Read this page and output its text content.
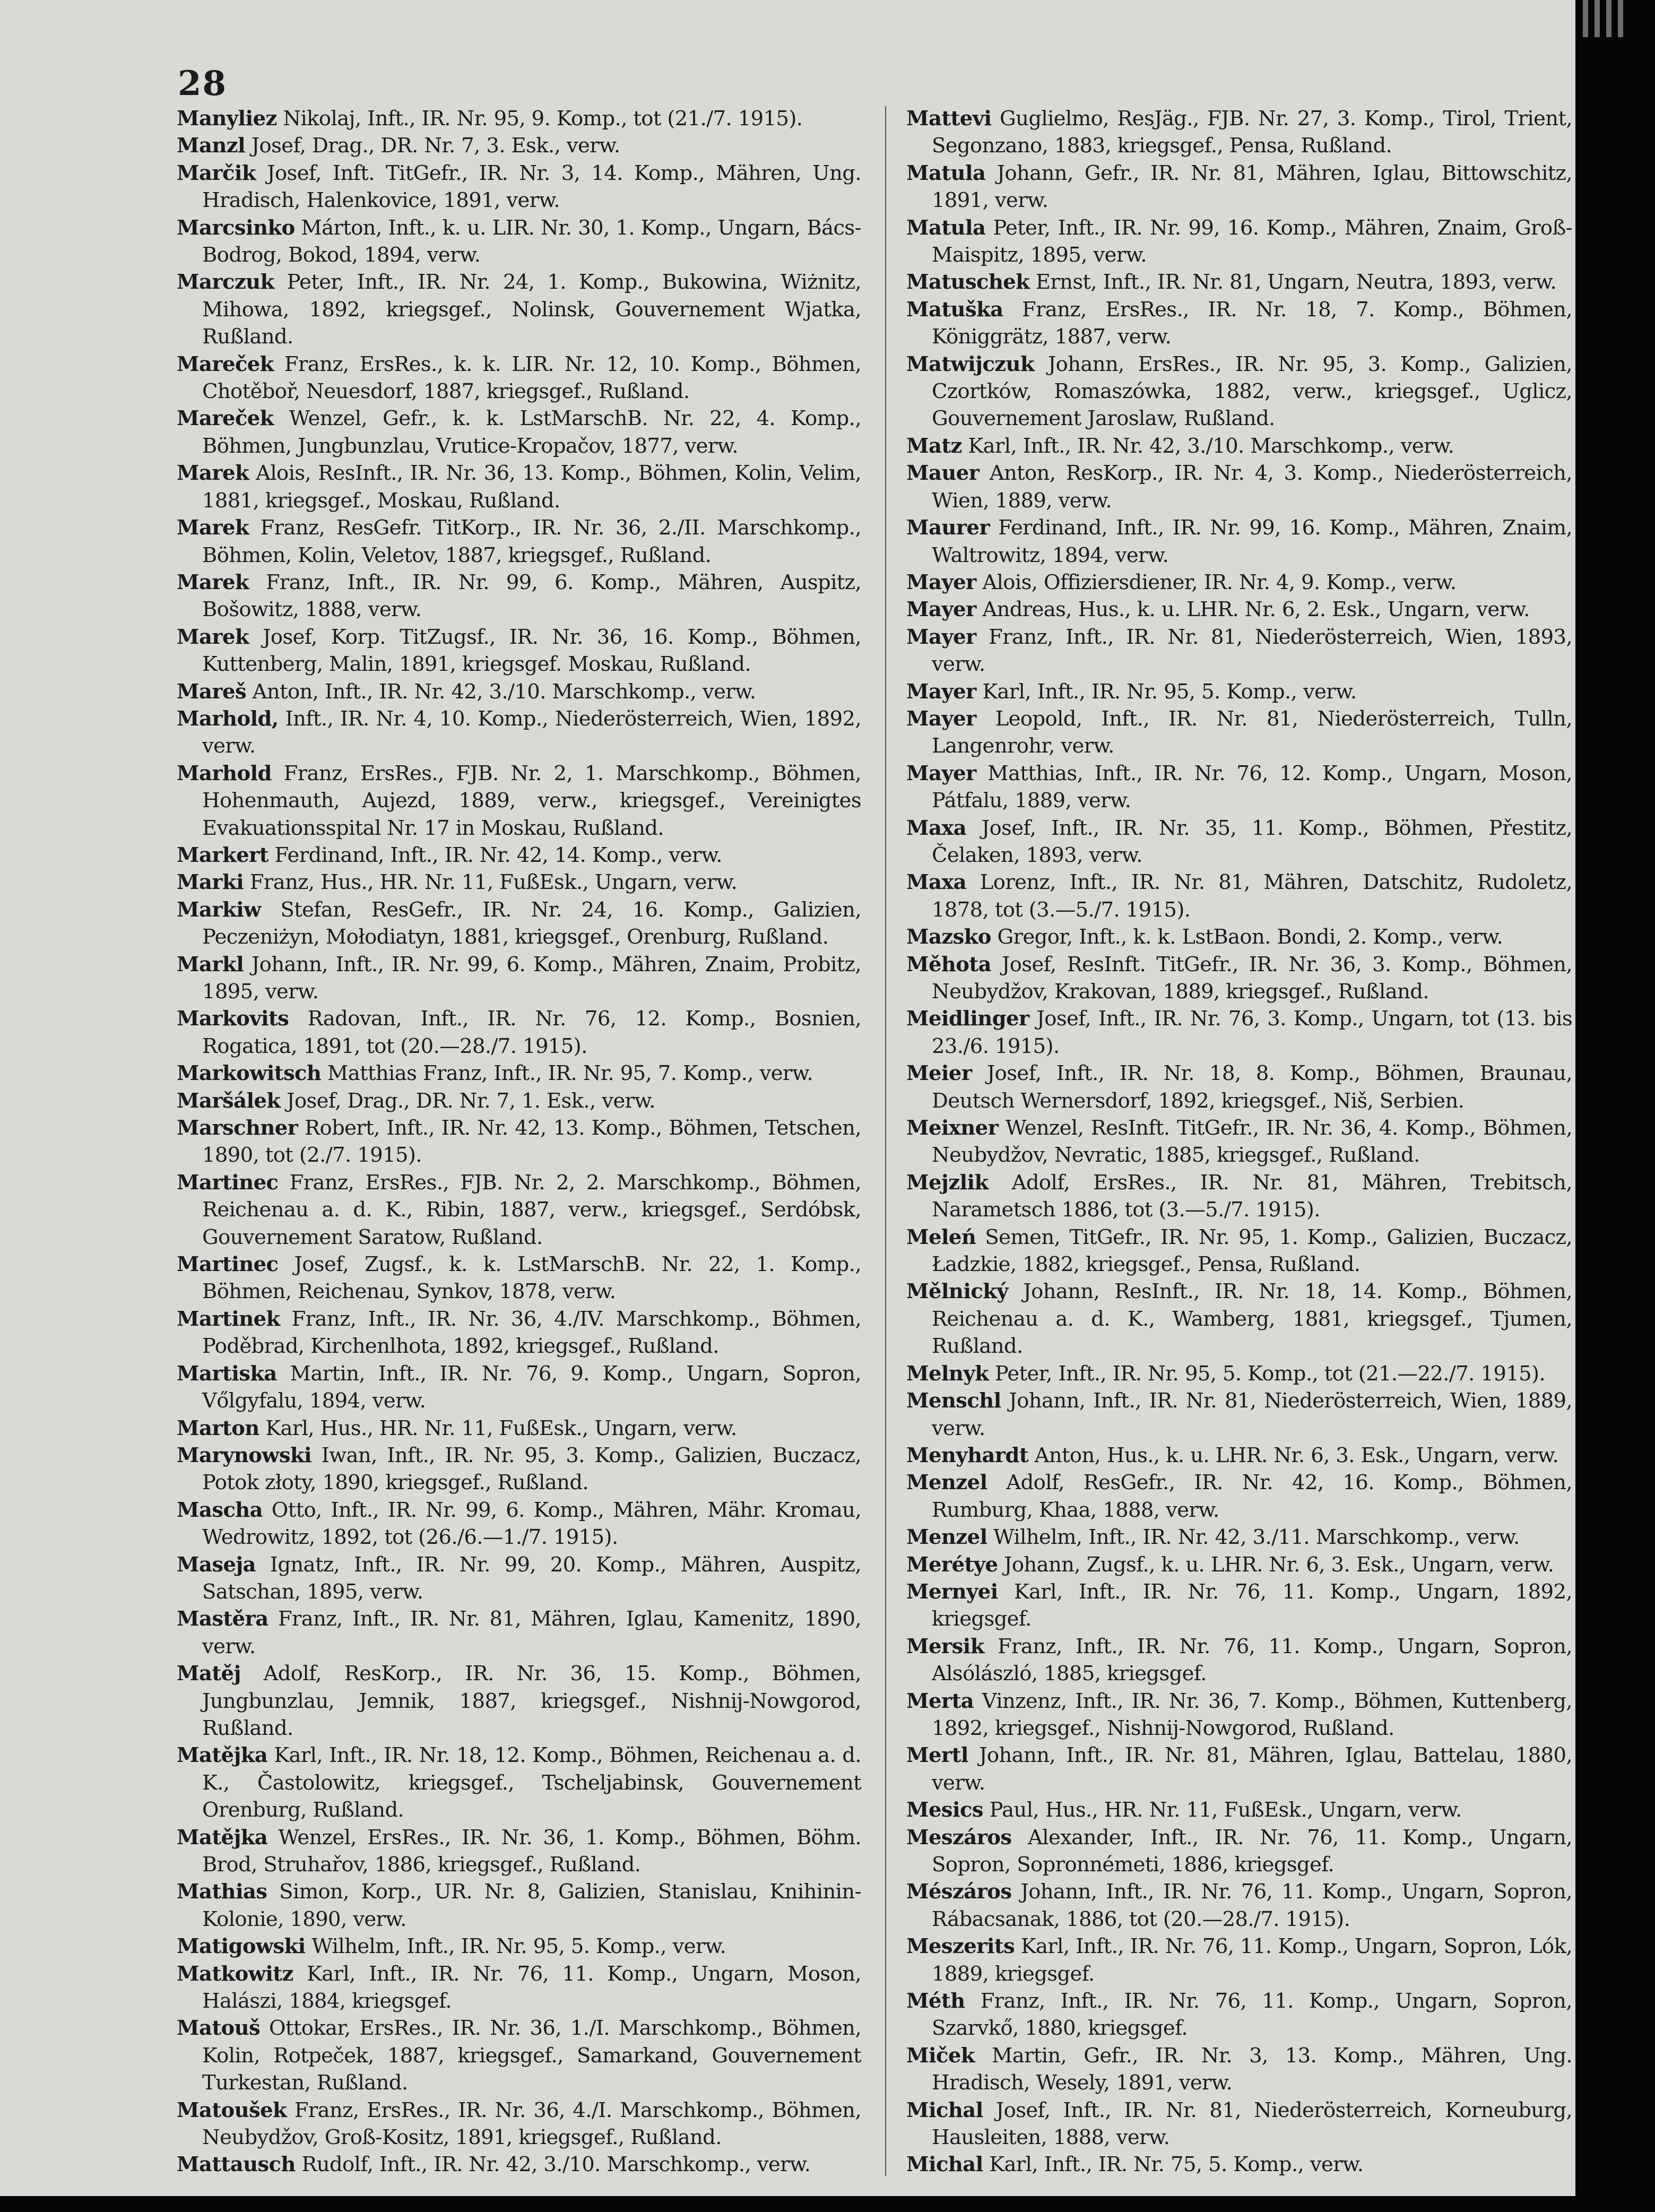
28
Manyliez Nikolaj, Inft., IR. Nr. 95, 9. Komp., tot (21./7. 1915).
Manzl Josef, Drag., DR. Nr. 7, 3. Esk., verw.
Marčik Josef, Inft. TitGefr., IR. Nr. 3, 14. Komp., Mähren, Ung. Hradisch, Halenkovice, 1891, verw.
Marcsinko Márton, Inft., k. u. LIR. Nr. 30, 1. Komp., Ungarn, Bács-Bodrog, Bokod, 1894, verw.
Marczuk Peter, Inft., IR. Nr. 24, 1. Komp., Bukowina, Wiżnitz, Mihowa, 1892, kriegsgef., Nolinsk, Gouvernement Wjatka, Rußland.
Mareček Franz, ErsRes., k. k. LIR. Nr. 12, 10. Komp., Böhmen, Chotěboř, Neuesdorf, 1887, kriegsgef., Rußland.
Mareček Wenzel, Gefr., k. k. LstMarschB. Nr. 22, 4. Komp., Böhmen, Jungbunzlau, Vrutice-Kropačov, 1877, verw.
Marek Alois, ResInft., IR. Nr. 36, 13. Komp., Böhmen, Kolin, Velim, 1881, kriegsgef., Moskau, Rußland.
Marek Franz, ResGefr. TitKorp., IR. Nr. 36, 2./II. Marschkomp., Böhmen, Kolin, Veletov, 1887, kriegsgef., Rußland.
Marek Franz, Inft., IR. Nr. 99, 6. Komp., Mähren, Auspitz, Bošowitz, 1888, verw.
Marek Josef, Korp. TitZugsf., IR. Nr. 36, 16. Komp., Böhmen, Kuttenberg, Malin, 1891, kriegsgef. Moskau, Rußland.
Mareš Anton, Inft., IR. Nr. 42, 3./10. Marschkomp., verw.
Marhold, Inft., IR. Nr. 4, 10. Komp., Niederösterreich, Wien, 1892, verw.
Marhold Franz, ErsRes., FJB. Nr. 2, 1. Marschkomp., Böhmen, Hohenmauth, Aujezd, 1889, verw., kriegsgef., Vereinigtes Evakuationsspital Nr. 17 in Moskau, Rußland.
Markert Ferdinand, Inft., IR. Nr. 42, 14. Komp., verw.
Marki Franz, Hus., HR. Nr. 11, FußEsk., Ungarn, verw.
Markiw Stefan, ResGefr., IR. Nr. 24, 16. Komp., Galizien, Peczeniżyn, Mołodiatyn, 1881, kriegsgef., Orenburg, Rußland.
Markl Johann, Inft., IR. Nr. 99, 6. Komp., Mähren, Znaim, Probitz, 1895, verw.
Markovits Radovan, Inft., IR. Nr. 76, 12. Komp., Bosnien, Rogatica, 1891, tot (20.—28./7. 1915).
Markowitsch Matthias Franz, Inft., IR. Nr. 95, 7. Komp., verw.
Maršálek Josef, Drag., DR. Nr. 7, 1. Esk., verw.
Marschner Robert, Inft., IR. Nr. 42, 13. Komp., Böhmen, Tetschen, 1890, tot (2./7. 1915).
Martinec Franz, ErsRes., FJB. Nr. 2, 2. Marschkomp., Böhmen, Reichenau a. d. K., Ribin, 1887, verw., kriegsgef., Serdóbsk, Gouvernement Saratow, Rußland.
Martinec Josef, Zugsf., k. k. LstMarschB. Nr. 22, 1. Komp., Böhmen, Reichenau, Synkov, 1878, verw.
Martinek Franz, Inft., IR. Nr. 36, 4./IV. Marschkomp., Böhmen, Poděbrad, Kirchenlhota, 1892, kriegsgef., Rußland.
Martiska Martin, Inft., IR. Nr. 76, 9. Komp., Ungarn, Sopron, Vőlgyfalu, 1894, verw.
Marton Karl, Hus., HR. Nr. 11, FußEsk., Ungarn, verw.
Marynowski Iwan, Inft., IR. Nr. 95, 3. Komp., Galizien, Buczacz, Potok złoty, 1890, kriegsgef., Rußland.
Mascha Otto, Inft., IR. Nr. 99, 6. Komp., Mähren, Mähr. Kromau, Wedrowitz, 1892, tot (26./6.—1./7. 1915).
Maseja Ignatz, Inft., IR. Nr. 99, 20. Komp., Mähren, Auspitz, Satschan, 1895, verw.
Mastěra Franz, Inft., IR. Nr. 81, Mähren, Iglau, Kamenitz, 1890, verw.
Matěj Adolf, ResKorp., IR. Nr. 36, 15. Komp., Böhmen, Jungbunzlau, Jemnik, 1887, kriegsgef., Nishnij-Nowgorod, Rußland.
Matějka Karl, Inft., IR. Nr. 18, 12. Komp., Böhmen, Reichenau a. d. K., Častolowitz, kriegsgef., Tscheljabinsk, Gouvernement Orenburg, Rußland.
Matějka Wenzel, ErsRes., IR. Nr. 36, 1. Komp., Böhmen, Böhm. Brod, Struhařov, 1886, kriegsgef., Rußland.
Mathias Simon, Korp., UR. Nr. 8, Galizien, Stanislau, Knihinin-Kolonie, 1890, verw.
Matigowski Wilhelm, Inft., IR. Nr. 95, 5. Komp., verw.
Matkowitz Karl, Inft., IR. Nr. 76, 11. Komp., Ungarn, Moson, Halászi, 1884, kriegsgef.
Matouš Ottokar, ErsRes., IR. Nr. 36, 1./I. Marschkomp., Böhmen, Kolin, Rotpeček, 1887, kriegsgef., Samarkand, Gouvernement Turkestan, Rußland.
Matoušek Franz, ErsRes., IR. Nr. 36, 4./I. Marschkomp., Böhmen, Neubydžov, Groß-Kositz, 1891, kriegsgef., Rußland.
Mattausch Rudolf, Inft., IR. Nr. 42, 3./10. Marschkomp., verw.
Mattevi Guglielmo, ResJäg., FJB. Nr. 27, 3. Komp., Tirol, Trient, Segonzano, 1883, kriegsgef., Pensa, Rußland.
Matula Johann, Gefr., IR. Nr. 81, Mähren, Iglau, Bittowschitz, 1891, verw.
Matula Peter, Inft., IR. Nr. 99, 16. Komp., Mähren, Znaim, Groß-Maispitz, 1895, verw.
Matuschek Ernst, Inft., IR. Nr. 81, Ungarn, Neutra, 1893, verw.
Matuška Franz, ErsRes., IR. Nr. 18, 7. Komp., Böhmen, Königgrätz, 1887, verw.
Matwijczuk Johann, ErsRes., IR. Nr. 95, 3. Komp., Galizien, Czortków, Romaszówka, 1882, verw., kriegsgef., Uglicz, Gouvernement Jaroslaw, Rußland.
Matz Karl, Inft., IR. Nr. 42, 3./10. Marschkomp., verw.
Mauer Anton, ResKorp., IR. Nr. 4, 3. Komp., Niederösterreich, Wien, 1889, verw.
Maurer Ferdinand, Inft., IR. Nr. 99, 16. Komp., Mähren, Znaim, Waltrowitz, 1894, verw.
Mayer Alois, Offiziersdiener, IR. Nr. 4, 9. Komp., verw.
Mayer Andreas, Hus., k. u. LHR. Nr. 6, 2. Esk., Ungarn, verw.
Mayer Franz, Inft., IR. Nr. 81, Niederösterreich, Wien, 1893, verw.
Mayer Karl, Inft., IR. Nr. 95, 5. Komp., verw.
Mayer Leopold, Inft., IR. Nr. 81, Niederösterreich, Tulln, Langenrohr, verw.
Mayer Matthias, Inft., IR. Nr. 76, 12. Komp., Ungarn, Moson, Pátfalu, 1889, verw.
Maxa Josef, Inft., IR. Nr. 35, 11. Komp., Böhmen, Přestitz, Čelaken, 1893, verw.
Maxa Lorenz, Inft., IR. Nr. 81, Mähren, Datschitz, Rudoletz, 1878, tot (3.—5./7. 1915).
Mazsko Gregor, Inft., k. k. LstBaon. Bondi, 2. Komp., verw.
Měhota Josef, ResInft. TitGefr., IR. Nr. 36, 3. Komp., Böhmen, Neubydžov, Krakovan, 1889, kriegsgef., Rußland.
Meidlinger Josef, Inft., IR. Nr. 76, 3. Komp., Ungarn, tot (13. bis 23./6. 1915).
Meier Josef, Inft., IR. Nr. 18, 8. Komp., Böhmen, Braunau, Deutsch Wernersdorf, 1892, kriegsgef., Niš, Serbien.
Meixner Wenzel, ResInft. TitGefr., IR. Nr. 36, 4. Komp., Böhmen, Neubydžov, Nevratic, 1885, kriegsgef., Rußland.
Mejzlik Adolf, ErsRes., IR. Nr. 81, Mähren, Trebitsch, Narametsch 1886, tot (3.—5./7. 1915).
Meleń Semen, TitGefr., IR. Nr. 95, 1. Komp., Galizien, Buczacz, Ładzkie, 1882, kriegsgef., Pensa, Rußland.
Mělnický Johann, ResInft., IR. Nr. 18, 14. Komp., Böhmen, Reichenau a. d. K., Wamberg, 1881, kriegsgef., Tjumen, Rußland.
Melnyk Peter, Inft., IR. Nr. 95, 5. Komp., tot (21.—22./7. 1915).
Menschl Johann, Inft., IR. Nr. 81, Niederösterreich, Wien, 1889, verw.
Menyhardt Anton, Hus., k. u. LHR. Nr. 6, 3. Esk., Ungarn, verw.
Menzel Adolf, ResGefr., IR. Nr. 42, 16. Komp., Böhmen, Rumburg, Khaa, 1888, verw.
Menzel Wilhelm, Inft., IR. Nr. 42, 3./11. Marschkomp., verw.
Merétye Johann, Zugsf., k. u. LHR. Nr. 6, 3. Esk., Ungarn, verw.
Mernyei Karl, Inft., IR. Nr. 76, 11. Komp., Ungarn, 1892, kriegsgef.
Mersik Franz, Inft., IR. Nr. 76, 11. Komp., Ungarn, Sopron, Alsólászló, 1885, kriegsgef.
Merta Vinzenz, Inft., IR. Nr. 36, 7. Komp., Böhmen, Kuttenberg, 1892, kriegsgef., Nishnij-Nowgorod, Rußland.
Mertl Johann, Inft., IR. Nr. 81, Mähren, Iglau, Battelau, 1880, verw.
Mesics Paul, Hus., HR. Nr. 11, FußEsk., Ungarn, verw.
Meszáros Alexander, Inft., IR. Nr. 76, 11. Komp., Ungarn, Sopron, Sopronnémeti, 1886, kriegsgef.
Mészáros Johann, Inft., IR. Nr. 76, 11. Komp., Ungarn, Sopron, Rábacsanak, 1886, tot (20.—28./7. 1915).
Meszerits Karl, Inft., IR. Nr. 76, 11. Komp., Ungarn, Sopron, Lók, 1889, kriegsgef.
Méth Franz, Inft., IR. Nr. 76, 11. Komp., Ungarn, Sopron, Szarvkő, 1880, kriegsgef.
Miček Martin, Gefr., IR. Nr. 3, 13. Komp., Mähren, Ung. Hradisch, Wesely, 1891, verw.
Michal Josef, Inft., IR. Nr. 81, Niederösterreich, Korneuburg, Hausleiten, 1888, verw.
Michal Karl, Inft., IR. Nr. 75, 5. Komp., verw.
